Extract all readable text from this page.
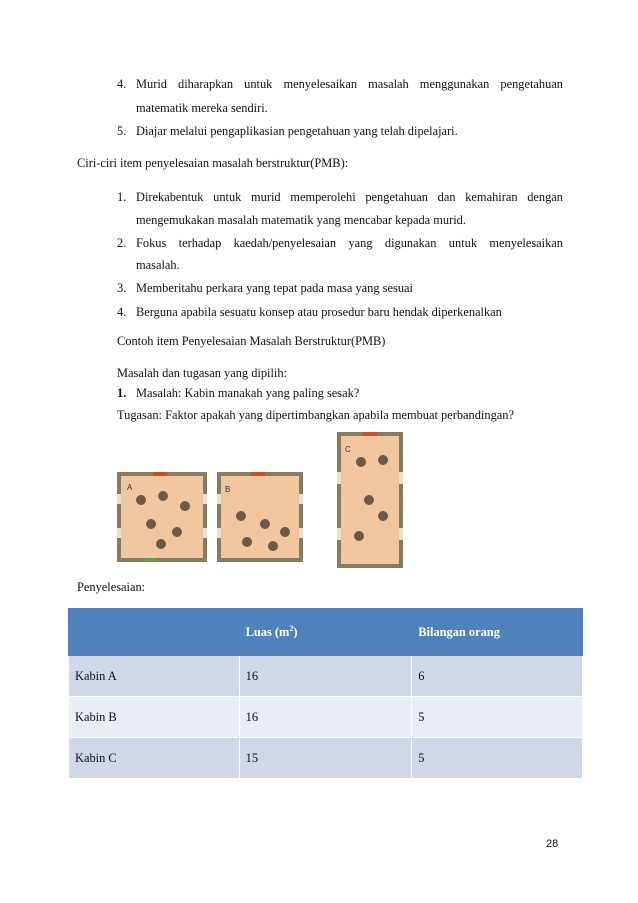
4. Murid diharapkan untuk menyelesaikan masalah menggunakan pengetahuan
matematik mereka sendiri.
5. Diajar melalui pengaplikasian pengetahuan yang telah dipelajari.
Ciri-ciri item penyelesaian masalah berstruktur(PMB):
1. Direkabentuk untuk murid memperolehi pengetahuan dan kemahiran dengan
mengemukakan masalah matematik yang mencabar kepada murid.
2. Fokus terhadap kaedah/penyelesaian yang digunakan untuk menyelesaikan
masalah.
3. Memberitahu perkara yang tepat pada masa yang sesuai
4. Berguna apabila sesuatu konsep atau prosedur baru hendak diperkenalkan
Contoh item Penyelesaian Masalah Berstruktur(PMB)
Masalah dan tugasan yang dipilih:
1. Masalah: Kabin manakah yang paling sesak?
Tugasan: Faktor apakah yang dipertimbangkan apabila membuat perbandingan?
A	B
C
Penyelesaian:
	Luas $(m^2)$	Bilangan orang
Kabin A	16	6
Kabin B	16	5
Kabin C	15	5
28
